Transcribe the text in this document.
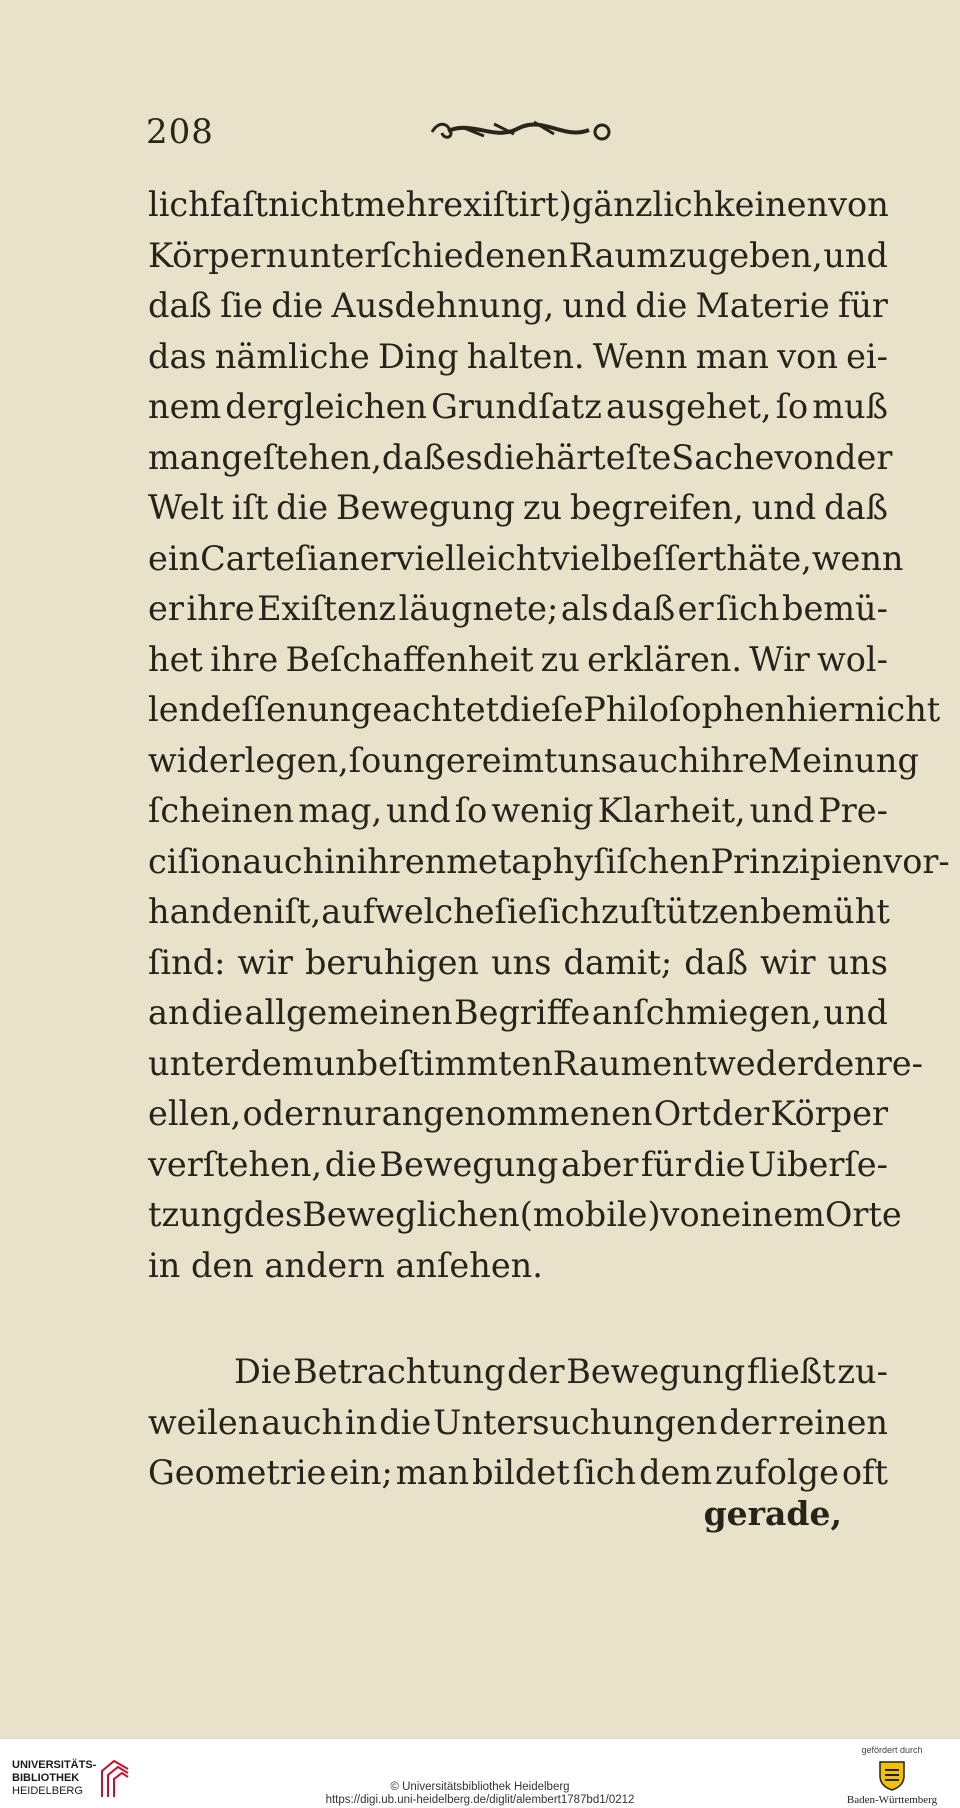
208
lich faſt nicht mehr exiſtirt) gänzlich keinen von
Körpern unterſchiedenen Raum zugeben, und
daß ſie die Ausdehnung, und die Materie für
das nämliche Ding halten. Wenn man von ei-
nem dergleichen Grundſatz ausgehet, ſo muß
man geſtehen, daß es die härteſte Sache von der
Welt iſt die Bewegung zu begreifen, und daß
ein Carteſianer vielleicht viel beſſer thäte, wenn
er ihre Exiſtenz läugnete; als daß er ſich bemü-
het ihre Beſchaffenheit zu erklären. Wir wol-
len deſſen ungeachtet dieſe Philoſophen hier nicht
widerlegen, ſo ungereimt uns auch ihre Meinung
ſcheinen mag, und ſo wenig Klarheit, und Pre-
ciſion auch in ihren metaphyſiſchen Prinzipien vor-
handen iſt, auf welche ſie ſich zu ſtützen bemüht
ſind: wir beruhigen uns damit; daß wir uns
an die allgemeinen Begriffe anſchmiegen, und
unter dem unbeſtimmten Raum entweder den re-
ellen, oder nur angenommenen Ort der Körper
verſtehen, die Bewegung aber für die Uiberſe-
tzung des Beweglichen (mobile) von einem Orte
in den andern anſehen.
Die Betrachtung der Bewegung fließt zu-
weilen auch in die Untersuchungen der reinen
Geometrie ein; man bildet ſich dem zufolge oft
gerade,
UNIVERSITÄTS-
BIBLIOTHEK
HEIDELBERG	© Universitätsbibliothek Heidelberg
https://digi.ub.uni-heidelberg.de/diglit/alembert1787bd1/0212
gefördert durch
Baden-Württemberg
